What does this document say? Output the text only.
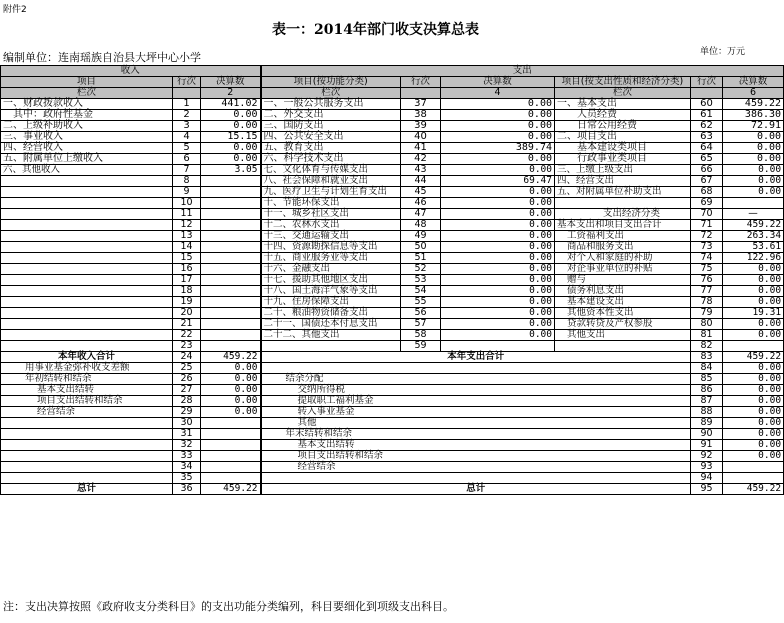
附件2
表一：2014年部门收支决算总表
编制单位：连南瑶族自治县大坪中心小学	单位：万元
收入			支出					
项目	行次	决算数	项目(按功能分类)	行次	决算数	项目(按支出性质和经济分类)	行次	决算数
栏次		2	栏次		4	栏次		6
一、财政拨款收入	1	441.02	一、一般公共服务支出	37	0.00	一、基本支出	60	459.22
其中：政府性基金	2	0.00	二、外交支出	38	0.00	人员经费	61	386.30
二、上级补助收入	3	0.00	三、国防支出	39	0.00	日常公用经费	62	72.91
三、事业收入	4	15.15	四、公共安全支出	40	0.00	二、项目支出	63	0.00
四、经营收入	5	0.00	五、教育支出	41	389.74	基本建设类项目	64	0.00
五、附属单位上缴收入	6	0.00	六、科学技术支出	42	0.00	行政事业类项目	65	0.00
六、其他收入	7	3.05	七、文化体育与传媒支出	43	0.00	三、上缴上级支出	66	0.00
	8		八、社会保障和就业支出	44	69.47	四、经营支出	67	0.00
	9		九、医疗卫生与计划生育支出	45	0.00	五、对附属单位补助支出	68	0.00
	10		十、节能环保支出	46	0.00		69	
	11		十一、城乡社区支出	47	0.00	支出经济分类	70	—
	12		十二、农林水支出	48	0.00	基本支出和项目支出合计	71	459.22
	13		十三、交通运输支出	49	0.00	工资福利支出	72	263.34
	14		十四、资源勘探信息等支出	50	0.00	商品和服务支出	73	53.61
	15		十五、商业服务业等支出	51	0.00	对个人和家庭的补助	74	122.96
	16		十六、金融支出	52	0.00	对企事业单位的补贴	75	0.00
	17		十七、援助其他地区支出	53	0.00	赠与	76	0.00
	18		十八、国土海洋气象等支出	54	0.00	债务利息支出	77	0.00
	19		十九、住房保障支出	55	0.00	基本建设支出	78	0.00
	20		二十、粮油物资储备支出	56	0.00	其他资本性支出	79	19.31
	21		二十一、国债还本付息支出	57	0.00	贷款转贷及产权参股	80	0.00
	22		二十二、其他支出	58	0.00	其他支出	81	0.00
	23			59			82	
本年收入合计	24	459.22	本年支出合计				83	459.22
用事业基金弥补收支差额	25	0.00					84	0.00
年初结转和结余	26	0.00	结余分配				85	0.00
基本支出结转	27	0.00	交纳所得税				86	0.00
项目支出结转和结余	28	0.00	提取职工福利基金				87	0.00
经营结余	29	0.00	转入事业基金				88	0.00
	30		其他				89	0.00
	31		年末结转和结余				90	0.00
	32		基本支出结转				91	0.00
	33		项目支出结转和结余				92	0.00
	34		经营结余				93	
	35						94	
总计	36	459.22	总计				95	459.22
注：支出决算按照《政府收支分类科目》的支出功能分类编列，科目要细化到项级支出科目。
